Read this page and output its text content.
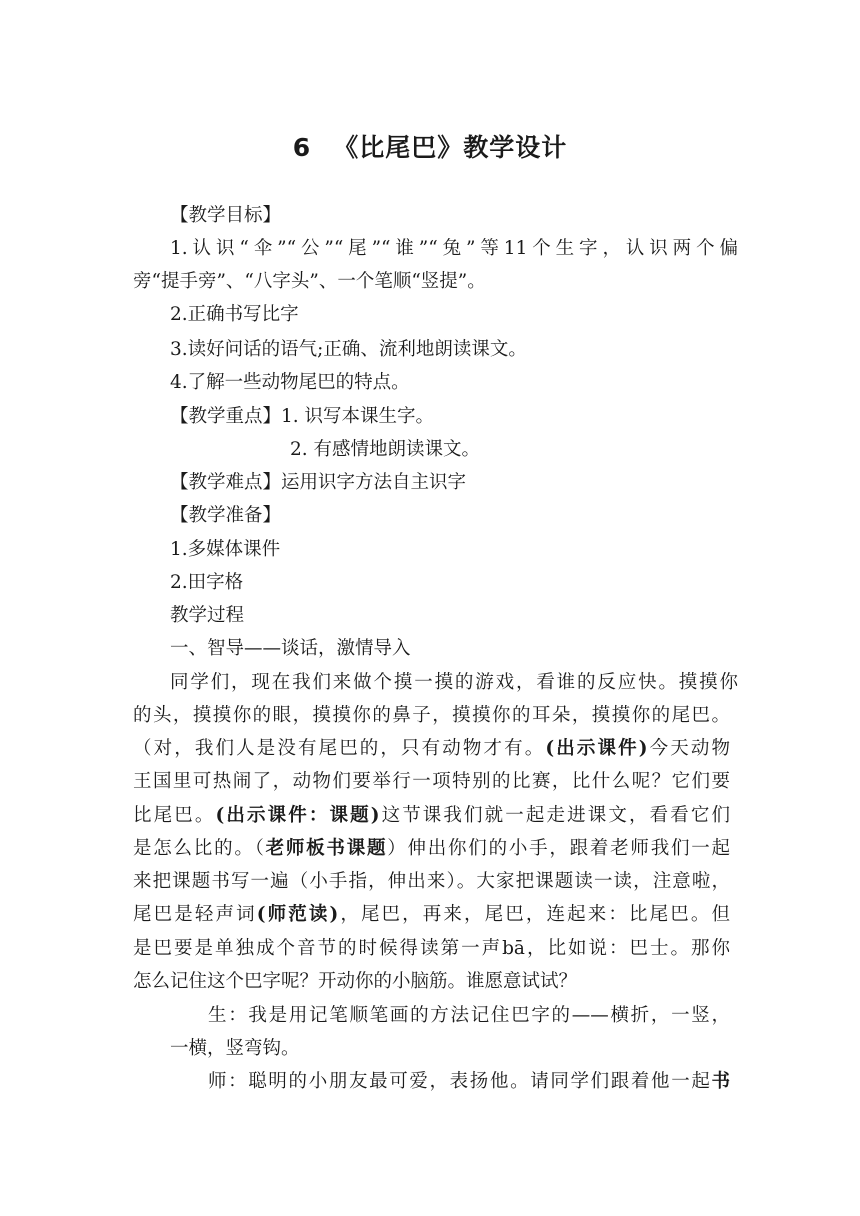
6 《比尾巴》教学设计
【教学目标】
1.认识“伞”“公”“尾”“谁”“兔”等11个生字，认识两个偏
旁“提手旁”、“八字头”、一个笔顺“竖提”。
2.正确书写比字
3.读好问话的语气;正确、流利地朗读课文。
4.了解一些动物尾巴的特点。
【教学重点】1. 识写本课生字。
2. 有感情地朗读课文。
【教学难点】运用识字方法自主识字
【教学准备】
1.多媒体课件
2.田字格
教学过程
一、智导——谈话，激情导入
同学们，现在我们来做个摸一摸的游戏，看谁的反应快。摸摸你
的头，摸摸你的眼，摸摸你的鼻子，摸摸你的耳朵，摸摸你的尾巴。
（对，我们人是没有尾巴的，只有动物才有。(出示课件)今天动物
王国里可热闹了，动物们要举行一项特别的比赛，比什么呢？它们要
比尾巴。(出示课件：课题)这节课我们就一起走进课文，看看它们
是怎么比的。（老师板书课题）伸出你们的小手，跟着老师我们一起
来把课题书写一遍（小手指，伸出来）。大家把课题读一读，注意啦，
尾巴是轻声词(师范读)，尾巴，再来，尾巴，连起来：比尾巴。但
是巴要是单独成个音节的时候得读第一声bā，比如说：巴士。那你
怎么记住这个巴字呢？开动你的小脑筋。谁愿意试试？
生：我是用记笔顺笔画的方法记住巴字的——横折，一竖，
一横，竖弯钩。
师：聪明的小朋友最可爱，表扬他。请同学们跟着他一起书
